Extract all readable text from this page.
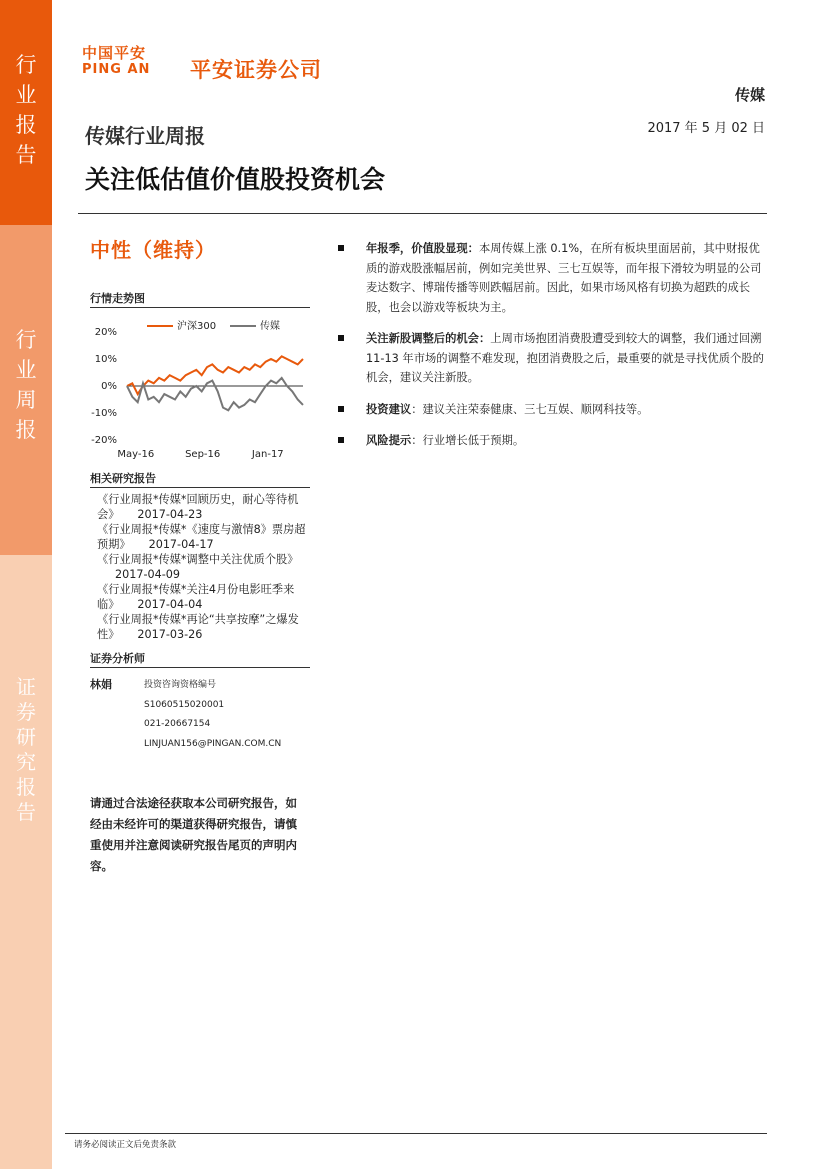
行
业
报
告
行
业
周
报
证
券
研
究
报
告
中国平安
PING AN 平安证券公司
传媒
2017 年 5 月 02 日
传媒行业周报
关注低估值价值股投资机会
中性（维持）
行情走势图
20%
10%
0%
-10%
-20%
May-16	Sep-16	Jan-17
沪深300	传媒
相关研究报告
《行业周报*传媒*回顾历史，耐心等待机会》 2017-04-23
《行业周报*传媒*《速度与激情8》票房超预期》 2017-04-17
《行业周报*传媒*调整中关注优质个股》2017-04-09
《行业周报*传媒*关注4月份电影旺季来临》 2017-04-04
《行业周报*传媒*再论“共享按摩”之爆发性》 2017-03-26
证券分析师
林娟	投资咨询资格编号
S1060515020001
021-20667154
LINJUAN156@PINGAN.COM.CN
请通过合法途径获取本公司研究报告，如经由未经许可的渠道获得研究报告，请慎重使用并注意阅读研究报告尾页的声明内容。
年报季，价值股显现：本周传媒上涨 0.1%，在所有板块里面居前，其中财报优质的游戏股涨幅居前，例如完美世界、三七互娱等，而年报下滑较为明显的公司麦达数字、博瑞传播等则跌幅居前。因此，如果市场风格有切换为超跌的成长股，也会以游戏等板块为主。
关注新股调整后的机会：上周市场抱团消费股遭受到较大的调整，我们通过回溯 11-13 年市场的调整不难发现，抱团消费股之后，最重要的就是寻找优质个股的机会，建议关注新股。
投资建议：建议关注荣泰健康、三七互娱、顺网科技等。
风险提示：行业增长低于预期。
请务必阅读正文后免责条款
